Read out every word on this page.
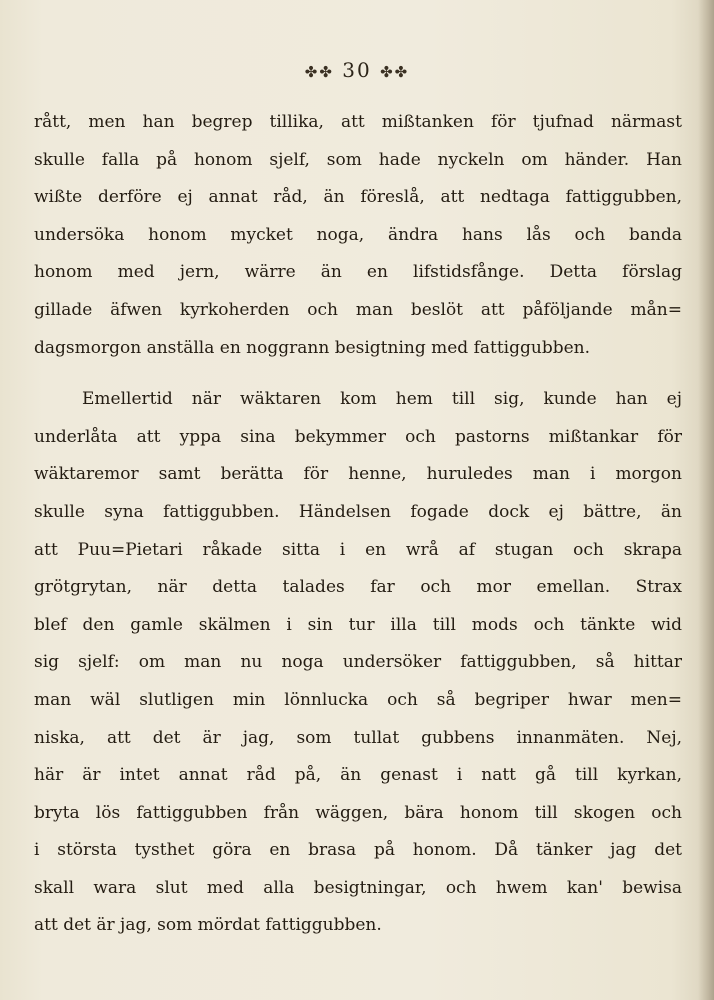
✤✤ 30 ✤✤
rått, men han begrep tillika, att mißtanken för tjufnad närmast
skulle falla på honom sjelf, som hade nyckeln om händer. Han
wißte derföre ej annat råd, än föreslå, att nedtaga fattiggubben,
undersöka honom mycket noga, ändra hans lås och banda
honom med jern, wärre än en lifstidsfånge. Detta förslag
gillade äfwen kyrkoherden och man beslöt att påföljande mån=
dagsmorgon anställa en noggrann besigtning med fattiggubben.
Emellertid när wäktaren kom hem till sig, kunde han ej
underlåta att yppa sina bekymmer och pastorns mißtankar för
wäktaremor samt berätta för henne, huruledes man i morgon
skulle syna fattiggubben. Händelsen fogade dock ej bättre, än
att Puu=Pietari råkade sitta i en wrå af stugan och skrapa
grötgrytan, när detta talades far och mor emellan. Strax
blef den gamle skälmen i sin tur illa till mods och tänkte wid
sig sjelf: om man nu noga undersöker fattiggubben, så hittar
man wäl slutligen min lönnlucka och så begriper hwar men=
niska, att det är jag, som tullat gubbens innanmäten. Nej,
här är intet annat råd på, än genast i natt gå till kyrkan,
bryta lös fattiggubben från wäggen, bära honom till skogen och
i största tysthet göra en brasa på honom. Då tänker jag det
skall wara slut med alla besigtningar, och hwem kan' bewisa
att det är jag, som mördat fattiggubben.
